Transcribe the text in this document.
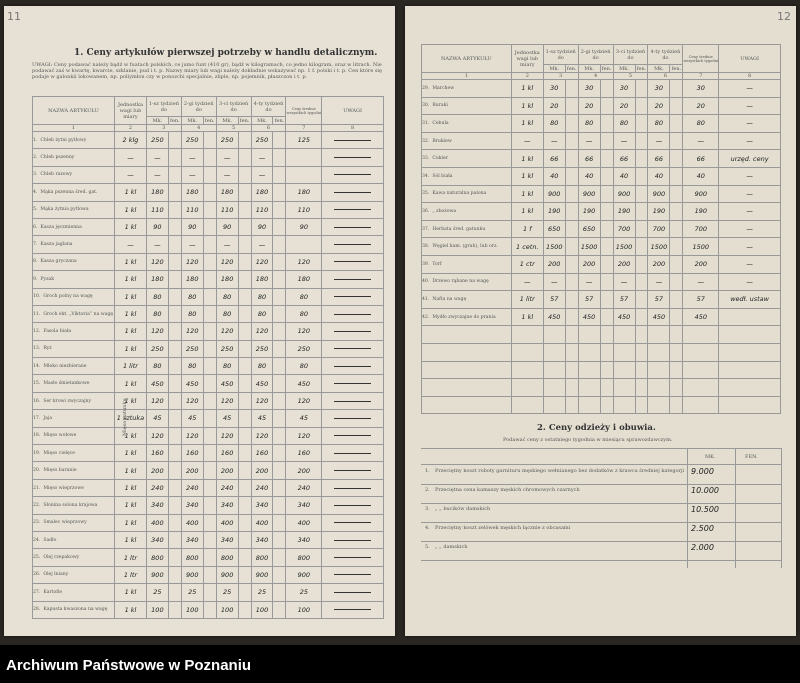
11
1. Ceny artykułów pierwszej potrzeby w handlu detalicznym.
UWAGI: Ceny podawać należy bądź w fuatach polskich, ce jumo funt (410 gr), bądź w kilogramach, co jedno kilogram, oraz w litrach. Nie podawać zaś w kwartę, kwarcie, szklanie, pud i t. p. Nazwy miary lub wagi należy dokładnie wskazywać np. 1 f. polski i t. p. Cen które się podaje w galonkii lokowanem, np. poliymłon czy w ponozchi specjalnie, zliple, np. pojemnik, płaszczon i t. p.
NAZWA ARTYKUŁU	Jednostka wagi lub miary	1-sz tydzień do		2-gi tydzień do		3-ci tydzień do		4-ty tydzień do		Ceny średnie wszystkich tygodni	UWAGI
		Mk.	fen.	Mk.	fen.	Mk.	fen.	Mk.	fen.		
1	2	3		4		5		6		7	8
1. Chleb żytni pytlowy	2 klg	250		250		250		250		125	

2. Chleb pszenny	—	—		—		—		—			

3. Chleb razowy	—	—		—		—		—			

4. Mąka pszenna śred. gat.	1 kl	180		180		180		180		180	

5. Mąka żytnia pytlowa	1 kl	110		110		110		110		110	

6. Kasza jęczmienna	1 kl	90		90		90		90		90	

7. Kasza jaglana	—	—		—		—		—			

8. Kasza gryczana	1 kl	120		120		120		120		120	

9. Pyzak	1 kl	180		180		180		180		180	

10. Groch polny na wagę	1 kl	80		80		80		80		80	

11. Groch ekt. „Viktoria” na wagę	1 kl	80		80		80		80		80	

12. Fasola biała	1 kl	120		120		120		120		120	

13. Ryż	1 kl	250		250		250		250		250	

14. Mleko niezbierane	1 litr	80		80		80		80		80	

15. Masło śmietankowe	1 kl	450		450		450		450		450	

16. Ser krowi zwyczajny	1 kl	120		120		120		120		120	

17. Jaja	1 sztuka	45		45		45		45		45	

18. Mięso wołowe	1 kl	120		120		120		120		120	

19. Mięso cielęce	1 kl	160		160		160		160		160	

20. Mięso baranie	1 kl	200		200		200		200		200	

21. Mięso wieprzowe	1 kl	240		240		240		240		240	

22. Słonina solona krajowa	1 kl	340		340		340		340		340	

23. Smalec wieprzowy	1 kl	400		400		400		400		400	

24. Sadło	1 kl	340		340		340		340		340	

25. Olej rzepakowy	1 ltr	800		800		800		800		800	

26. Olej lniany	1 ltr	900		900		900		900		900	

27. Kartofle	1 kl	25		25		25		25		25	

28. Kapusta kwaszona na wagę	1 kl	100		100		100		100		100	
Mięso gatunku
12
NAZWA ARTYKUŁU	Jednostka wagi lub miary	1-sz tydzień do		2-gi tydzień do		3-ci tydzień do		4-ty tydzień do		Ceny średnie wszystkich tygodni	UWAGI
		Mk.	fen.	Mk.	fen.	Mk.	fen.	Mk.	fen.		
1	2	3		4		5		6		7	8
29. Marchew	1 kl	30		30		30		30		30	—
30. Buraki	1 kl	20		20		20		20		20	—
31. Cebula	1 kl	80		80		80		80		80	—
32. Brukiew	—	—		—		—		—		—	—
33. Cukier	1 kl	66		66		66		66		66	urzęd. ceny
34. Sól biała	1 kl	40		40		40		40		40	—
35. Kawa naturalna palona	1 kl	900		900		900		900		900	—
36. „ zbożowa	1 kl	190		190		190		190		190	—
37. Herbata śred. gatunku	1 f	650		650		700		700		700	—
38. Węgiel kam. (grub), lub orz.	1 cetn.	1500		1500		1500		1500		1500	—
39. Torf	1 ctr	200		200		200		200		200	—
40. Drzewo rąbane na wagę	—	—		—		—		—		—	—
41. Nafta na wagę	1 litr	57		57		57		57		57	wedł. ustaw
42. Mydło zwyczajne do prania	1 kl	450		450		450		450		450	

2. Ceny odzieży i obuwia.
Podawać ceny z ostatniego tygodnia w miesiącu sprawozdawczym.
MK.	FEN.
1. Przeciętny koszt roboty garnituru męskiego wełnianego bez dodatków z krawca średniej kategorji 9.000
2. Przeciętna cena kamaszy męskich chromowych czarnych	10.000
3. „ „ bucików damskich	10.500
4. Przeciętny koszt zelówek męskich łącznie z obcasami	2.500
5. „ „ damskich	2.000
Archiwum Państwowe w Poznaniu
